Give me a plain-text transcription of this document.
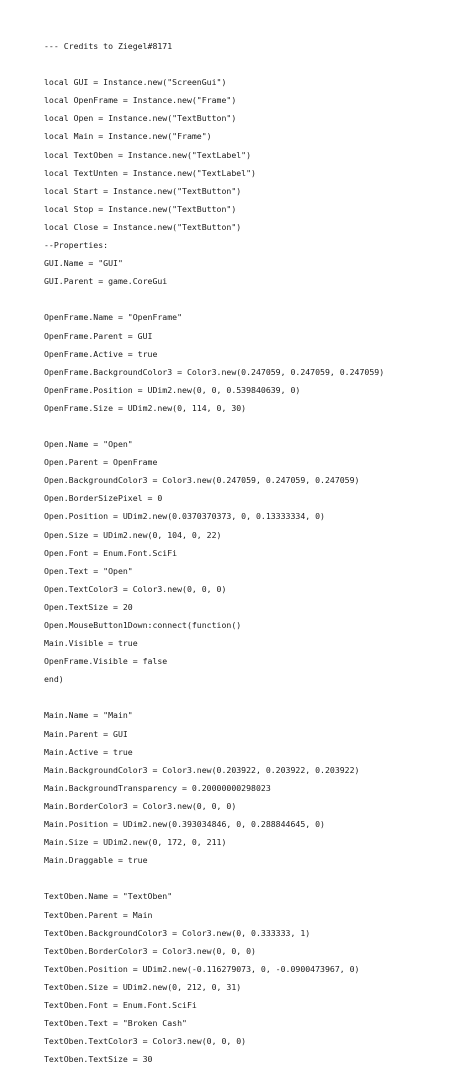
--- Credits to Ziegel#8171

local GUI = Instance.new("ScreenGui")

local OpenFrame = Instance.new("Frame")

local Open = Instance.new("TextButton")

local Main = Instance.new("Frame")

local TextOben = Instance.new("TextLabel")

local TextUnten = Instance.new("TextLabel")

local Start = Instance.new("TextButton")

local Stop = Instance.new("TextButton")

local Close = Instance.new("TextButton")

--Properties:

GUI.Name = "GUI"

GUI.Parent = game.CoreGui

OpenFrame.Name = "OpenFrame"

OpenFrame.Parent = GUI

OpenFrame.Active = true

OpenFrame.BackgroundColor3 = Color3.new(0.247059, 0.247059, 0.247059)

OpenFrame.Position = UDim2.new(0, 0, 0.539840639, 0)

OpenFrame.Size = UDim2.new(0, 114, 0, 30)

Open.Name = "Open"

Open.Parent = OpenFrame

Open.BackgroundColor3 = Color3.new(0.247059, 0.247059, 0.247059)

Open.BorderSizePixel = 0

Open.Position = UDim2.new(0.0370370373, 0, 0.13333334, 0)

Open.Size = UDim2.new(0, 104, 0, 22)

Open.Font = Enum.Font.SciFi

Open.Text = "Open"

Open.TextColor3 = Color3.new(0, 0, 0)

Open.TextSize = 20

Open.MouseButton1Down:connect(function()

Main.Visible = true

OpenFrame.Visible = false

end)

Main.Name = "Main"

Main.Parent = GUI

Main.Active = true

Main.BackgroundColor3 = Color3.new(0.203922, 0.203922, 0.203922)

Main.BackgroundTransparency = 0.20000000298023

Main.BorderColor3 = Color3.new(0, 0, 0)

Main.Position = UDim2.new(0.393034846, 0, 0.288844645, 0)

Main.Size = UDim2.new(0, 172, 0, 211)

Main.Draggable = true

TextOben.Name = "TextOben"

TextOben.Parent = Main

TextOben.BackgroundColor3 = Color3.new(0, 0.333333, 1)

TextOben.BorderColor3 = Color3.new(0, 0, 0)

TextOben.Position = UDim2.new(-0.116279073, 0, -0.0900473967, 0)

TextOben.Size = UDim2.new(0, 212, 0, 31)

TextOben.Font = Enum.Font.SciFi

TextOben.Text = "Broken Cash"

TextOben.TextColor3 = Color3.new(0, 0, 0)

TextOben.TextSize = 30
